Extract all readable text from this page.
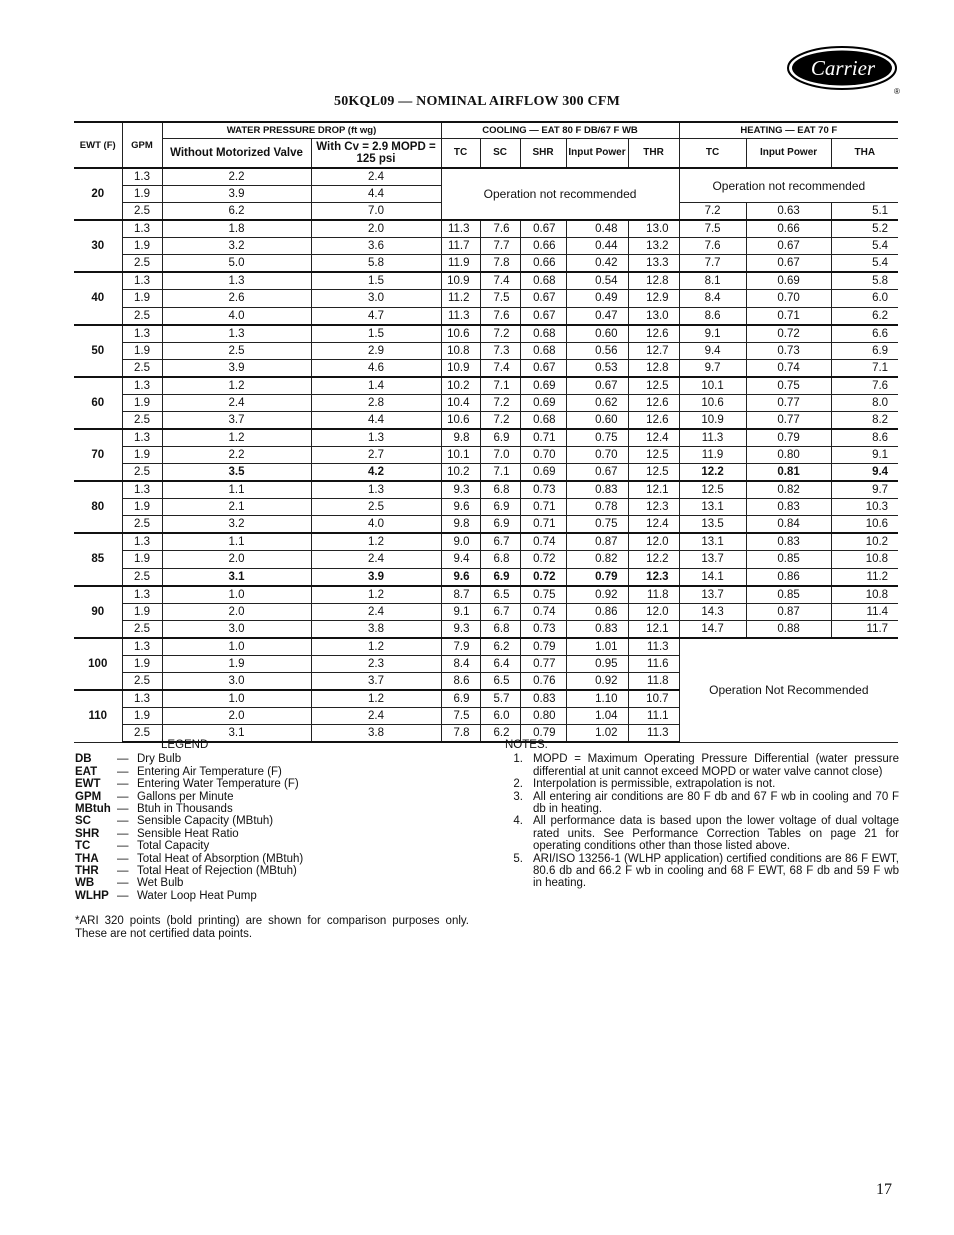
Carrier
®
50KQL09 — NOMINAL AIRFLOW 300 CFM
EWT (F)	GPM	WATER PRESSURE DROP (ft wg)		COOLING — EAT 80 F DB/67 F WB					HEATING — EAT 70 F		
		Without Motorized Valve	With Cv = 2.9 MOPD = 125 psi	TC	SC	SHR	Input Power	THR	TC	Input Power	THA
20	1.3	2.2	2.4	Operation not recommended					Operation not recommended		
	1.9	3.9	4.4								
	2.5	6.2	7.0						7.2	0.63	5.1
30	1.3	1.8	2.0	11.3	7.6	0.67	0.48	13.0	7.5	0.66	5.2
	1.9	3.2	3.6	11.7	7.7	0.66	0.44	13.2	7.6	0.67	5.4
	2.5	5.0	5.8	11.9	7.8	0.66	0.42	13.3	7.7	0.67	5.4
40	1.3	1.3	1.5	10.9	7.4	0.68	0.54	12.8	8.1	0.69	5.8
	1.9	2.6	3.0	11.2	7.5	0.67	0.49	12.9	8.4	0.70	6.0
	2.5	4.0	4.7	11.3	7.6	0.67	0.47	13.0	8.6	0.71	6.2
50	1.3	1.3	1.5	10.6	7.2	0.68	0.60	12.6	9.1	0.72	6.6
	1.9	2.5	2.9	10.8	7.3	0.68	0.56	12.7	9.4	0.73	6.9
	2.5	3.9	4.6	10.9	7.4	0.67	0.53	12.8	9.7	0.74	7.1
60	1.3	1.2	1.4	10.2	7.1	0.69	0.67	12.5	10.1	0.75	7.6
	1.9	2.4	2.8	10.4	7.2	0.69	0.62	12.6	10.6	0.77	8.0
	2.5	3.7	4.4	10.6	7.2	0.68	0.60	12.6	10.9	0.77	8.2
70	1.3	1.2	1.3	9.8	6.9	0.71	0.75	12.4	11.3	0.79	8.6
	1.9	2.2	2.7	10.1	7.0	0.70	0.70	12.5	11.9	0.80	9.1
	2.5	3.5	4.2	10.2	7.1	0.69	0.67	12.5	12.2	0.81	9.4
80	1.3	1.1	1.3	9.3	6.8	0.73	0.83	12.1	12.5	0.82	9.7
	1.9	2.1	2.5	9.6	6.9	0.71	0.78	12.3	13.1	0.83	10.3
	2.5	3.2	4.0	9.8	6.9	0.71	0.75	12.4	13.5	0.84	10.6
85	1.3	1.1	1.2	9.0	6.7	0.74	0.87	12.0	13.1	0.83	10.2
	1.9	2.0	2.4	9.4	6.8	0.72	0.82	12.2	13.7	0.85	10.8
	2.5	3.1	3.9	9.6	6.9	0.72	0.79	12.3	14.1	0.86	11.2
90	1.3	1.0	1.2	8.7	6.5	0.75	0.92	11.8	13.7	0.85	10.8
	1.9	2.0	2.4	9.1	6.7	0.74	0.86	12.0	14.3	0.87	11.4
	2.5	3.0	3.8	9.3	6.8	0.73	0.83	12.1	14.7	0.88	11.7
100	1.3	1.0	1.2	7.9	6.2	0.79	1.01	11.3	Operation Not Recommended		
	1.9	1.9	2.3	8.4	6.4	0.77	0.95	11.6			
	2.5	3.0	3.7	8.6	6.5	0.76	0.92	11.8			
110	1.3	1.0	1.2	6.9	5.7	0.83	1.10	10.7			
	1.9	2.0	2.4	7.5	6.0	0.80	1.04	11.1			
	2.5	3.1	3.8	7.8	6.2	0.79	1.02	11.3			
LEGEND
DB	— Dry Bulb
EAT	— Entering Air Temperature (F)
EWT	— Entering Water Temperature (F)
GPM	— Gallons per Minute
MBtuh — Btuh in Thousands
SC	— Sensible Capacity (MBtuh)
SHR	— Sensible Heat Ratio
TC	— Total Capacity
THA	— Total Heat of Absorption (MBtuh)
THR	— Total Heat of Rejection (MBtuh)
WB	— Wet Bulb
WLHP — Water Loop Heat Pump
*ARI 320 points (bold printing) are shown for comparison purposes only. These are not certified data points.
NOTES:
1. MOPD = Maximum Operating Pressure Differential (water pressure differential at unit cannot exceed MOPD or water valve cannot close)
2. Interpolation is permissible, extrapolation is not.
3. All entering air conditions are 80 F db and 67 F wb in cooling and 70 F db in heating.
4. All performance data is based upon the lower voltage of dual voltage rated units. See Performance Correction Tables on page 21 for operating conditions other than those listed above.
5. ARI/ISO 13256-1 (WLHP application) certified conditions are 86 F EWT, 80.6 db and 66.2 F wb in cooling and 68 F EWT, 68 F db and 59 F wb in heating.
17
